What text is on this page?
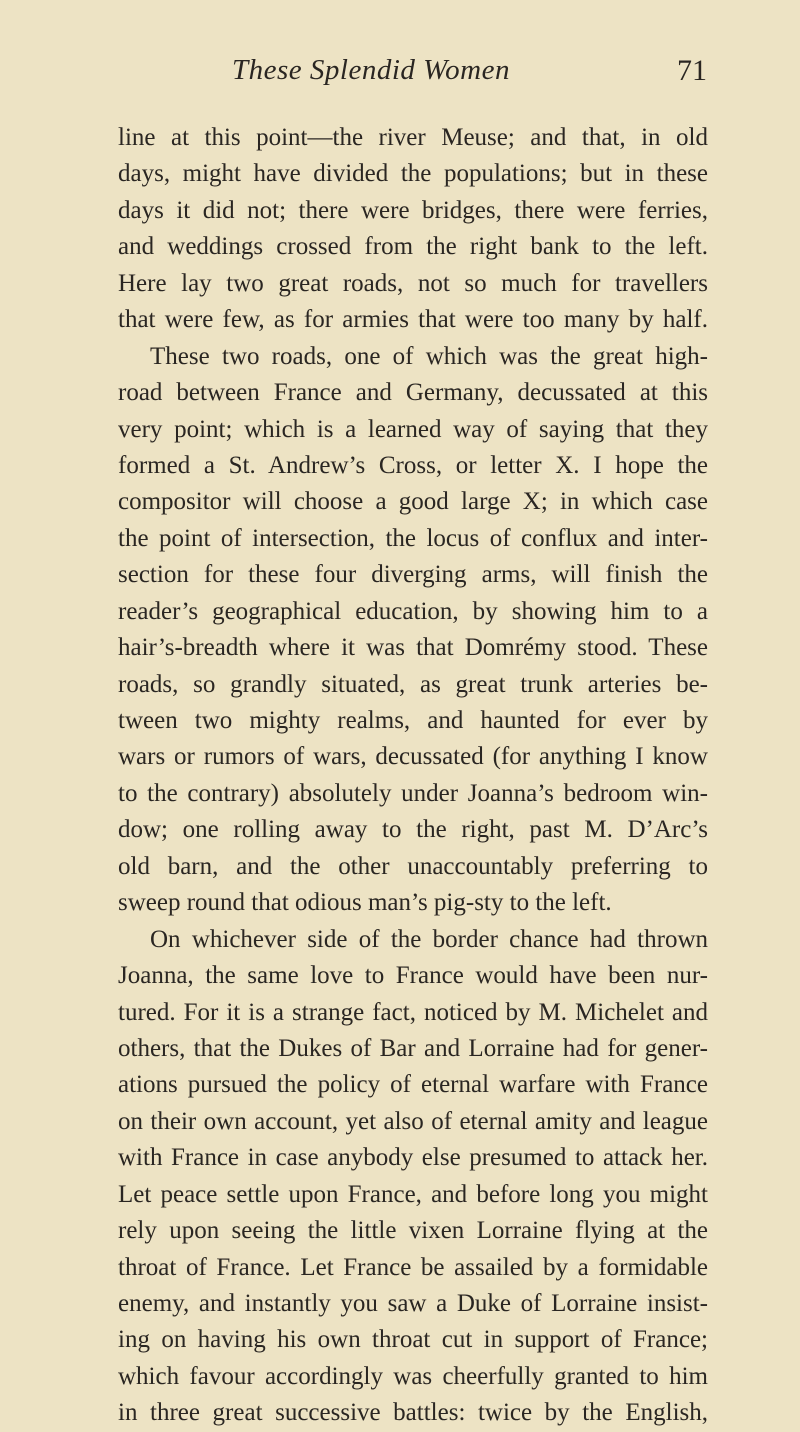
These Splendid Women	71
line at this point—the river Meuse; and that, in old
days, might have divided the populations; but in these
days it did not; there were bridges, there were ferries,
and weddings crossed from the right bank to the left.
Here lay two great roads, not so much for travellers
that were few, as for armies that were too many by half.
These two roads, one of which was the great high-
road between France and Germany, decussated at this
very point; which is a learned way of saying that they
formed a St. Andrew’s Cross, or letter X. I hope the
compositor will choose a good large X; in which case
the point of intersection, the locus of conflux and inter-
section for these four diverging arms, will finish the
reader’s geographical education, by showing him to a
hair’s-breadth where it was that Domrémy stood. These
roads, so grandly situated, as great trunk arteries be-
tween two mighty realms, and haunted for ever by
wars or rumors of wars, decussated (for anything I know
to the contrary) absolutely under Joanna’s bedroom win-
dow; one rolling away to the right, past M. D’Arc’s
old barn, and the other unaccountably preferring to
sweep round that odious man’s pig-sty to the left.
On whichever side of the border chance had thrown
Joanna, the same love to France would have been nur-
tured. For it is a strange fact, noticed by M. Michelet and
others, that the Dukes of Bar and Lorraine had for gener-
ations pursued the policy of eternal warfare with France
on their own account, yet also of eternal amity and league
with France in case anybody else presumed to attack her.
Let peace settle upon France, and before long you might
rely upon seeing the little vixen Lorraine flying at the
throat of France. Let France be assailed by a formidable
enemy, and instantly you saw a Duke of Lorraine insist-
ing on having his own throat cut in support of France;
which favour accordingly was cheerfully granted to him
in three great successive battles: twice by the English,
